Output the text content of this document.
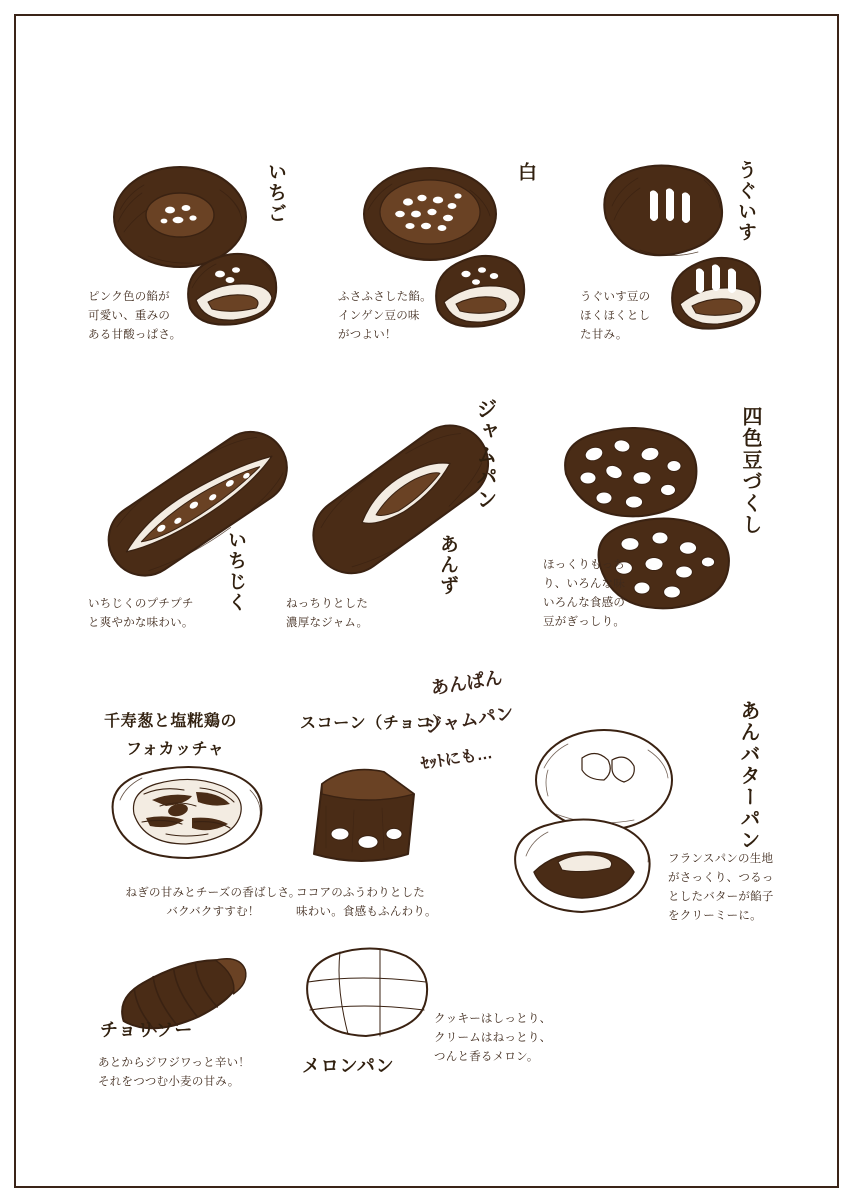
いちご
ピンク色の餡が
可愛い、重みの
ある甘酸っぱさ。
白
ふさふさした餡。
インゲン豆の味
がつよい！
うぐいす
うぐいす豆の
ほくほくとし
た甘み。
いちじく
いちじくのプチプチ
と爽やかな味わい。
あんず
ジャムパン
ねっちりとした
濃厚なジャム。
四色豆づくし
ほっくりもっち
り、いろんな味
いろんな食感の
豆がぎっしり。
千寿葱と塩糀鶏の
フォカッチャ
ねぎの甘みとチーズの香ばしさ。
バクバクすすむ！
スコーン（チョコ）
ココアのふうわりとした
味わい。食感もふんわり。
あんぱん
ジャムパン
ｾｯﾄにも…	あんバターパン
フランスパンの生地
がさっくり、つるっ
としたバターが餡子
をクリーミーに。
チョリソー
あとからジワジワっと辛い！
それをつつむ小麦の甘み。
メロンパン
クッキーはしっとり、
クリームはねっとり、
つんと香るメロン。
